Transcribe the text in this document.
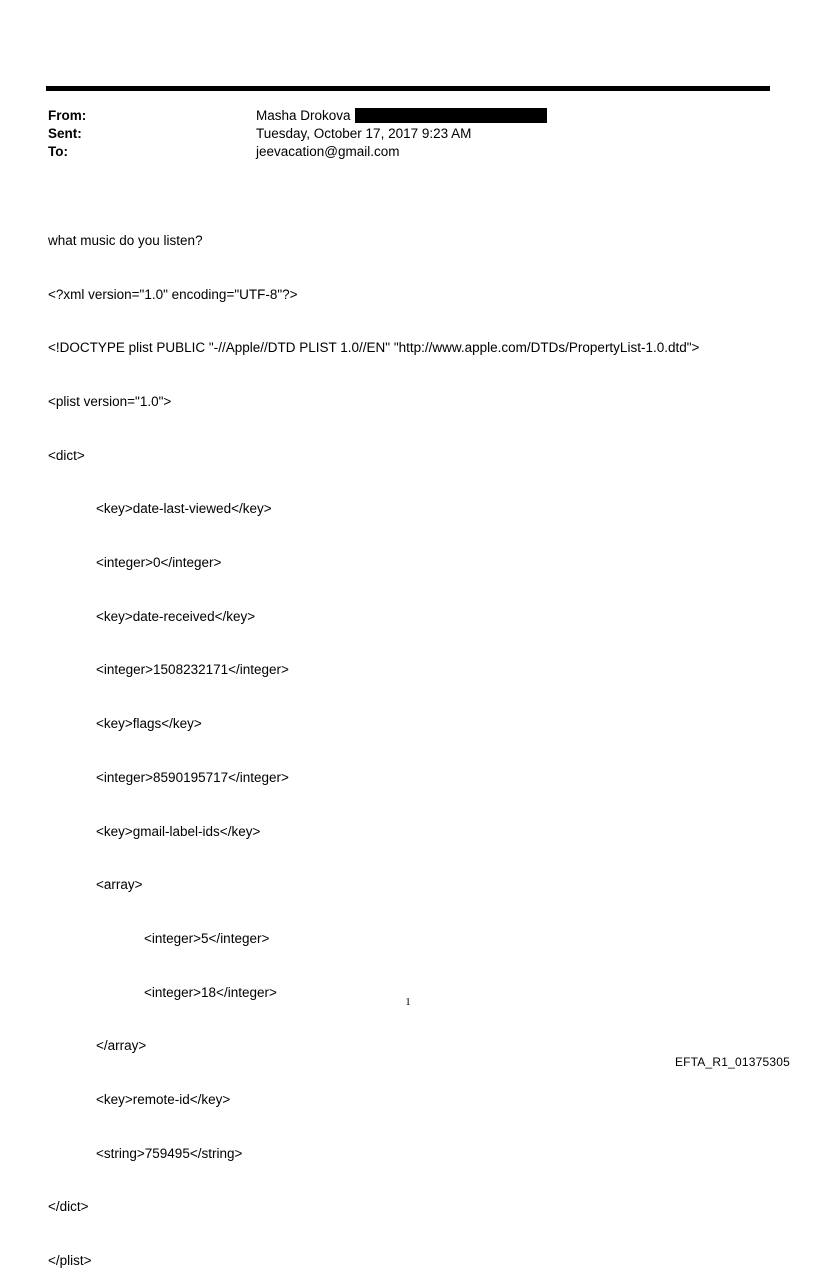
From:	Masha Drokova
Sent:	Tuesday, October 17, 2017 9:23 AM
To:	jeevacation@gmail.com

what music do you listen?

<?xml version="1.0" encoding="UTF-8"?>

<!DOCTYPE plist PUBLIC "-//Apple//DTD PLIST 1.0//EN" "http://www.apple.com/DTDs/PropertyList-1.0.dtd">

<plist version="1.0">

<dict>

<key>date-last-viewed</key>

<integer>0</integer>

<key>date-received</key>

<integer>1508232171</integer>

<key>flags</key>

<integer>8590195717</integer>

<key>gmail-label-ids</key>

<array>

<integer>5</integer>

<integer>18</integer>

</array>

<key>remote-id</key>

<string>759495</string>

</dict>

</plist>

1
EFTA_R1_01375305
